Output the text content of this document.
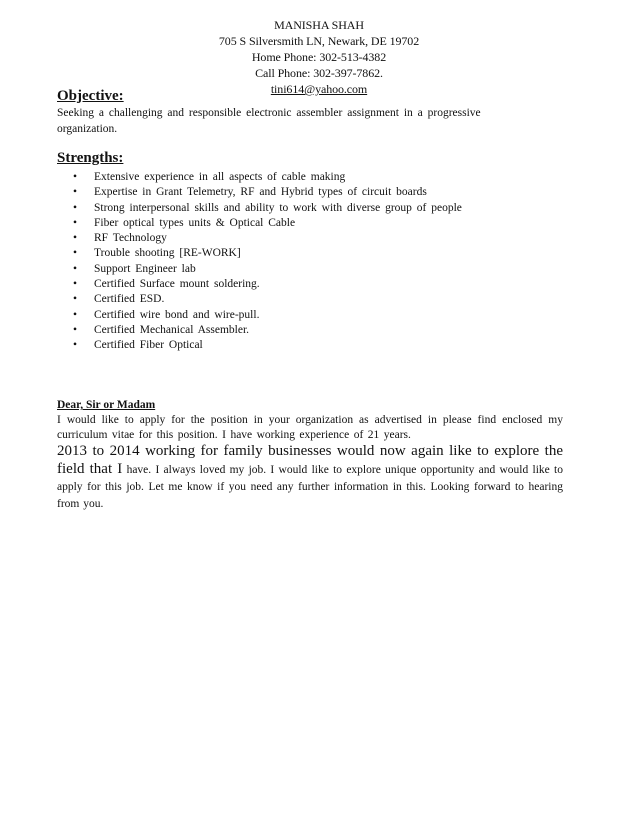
MANISHA SHAH
705 S Silversmith LN, Newark, DE 19702
Home Phone: 302-513-4382
Call Phone: 302-397-7862.
tini614@yahoo.com
Objective:
Seeking a challenging and responsible electronic assembler assignment in a progressive organization.
Strengths:
• Extensive experience in all aspects of cable making
• Expertise in Grant Telemetry, RF and Hybrid types of circuit boards
• Strong interpersonal skills and ability to work with diverse group of people
• Fiber optical types units & Optical Cable
• RF Technology
• Trouble shooting [RE-WORK]
• Support Engineer lab
• Certified Surface mount soldering.
• Certified ESD.
• Certified wire bond and wire-pull.
• Certified Mechanical Assembler.
• Certified Fiber Optical
Dear, Sir or Madam
I would like to apply for the position in your organization as advertised in please find enclosed my curriculum vitae for this position. I have working experience of 21 years.
2013 to 2014 working for family businesses would now again like to explore the field that I have. I always loved my job. I would like to explore unique opportunity and would like to apply for this job. Let me know if you need any further information in this. Looking forward to hearing from you.
